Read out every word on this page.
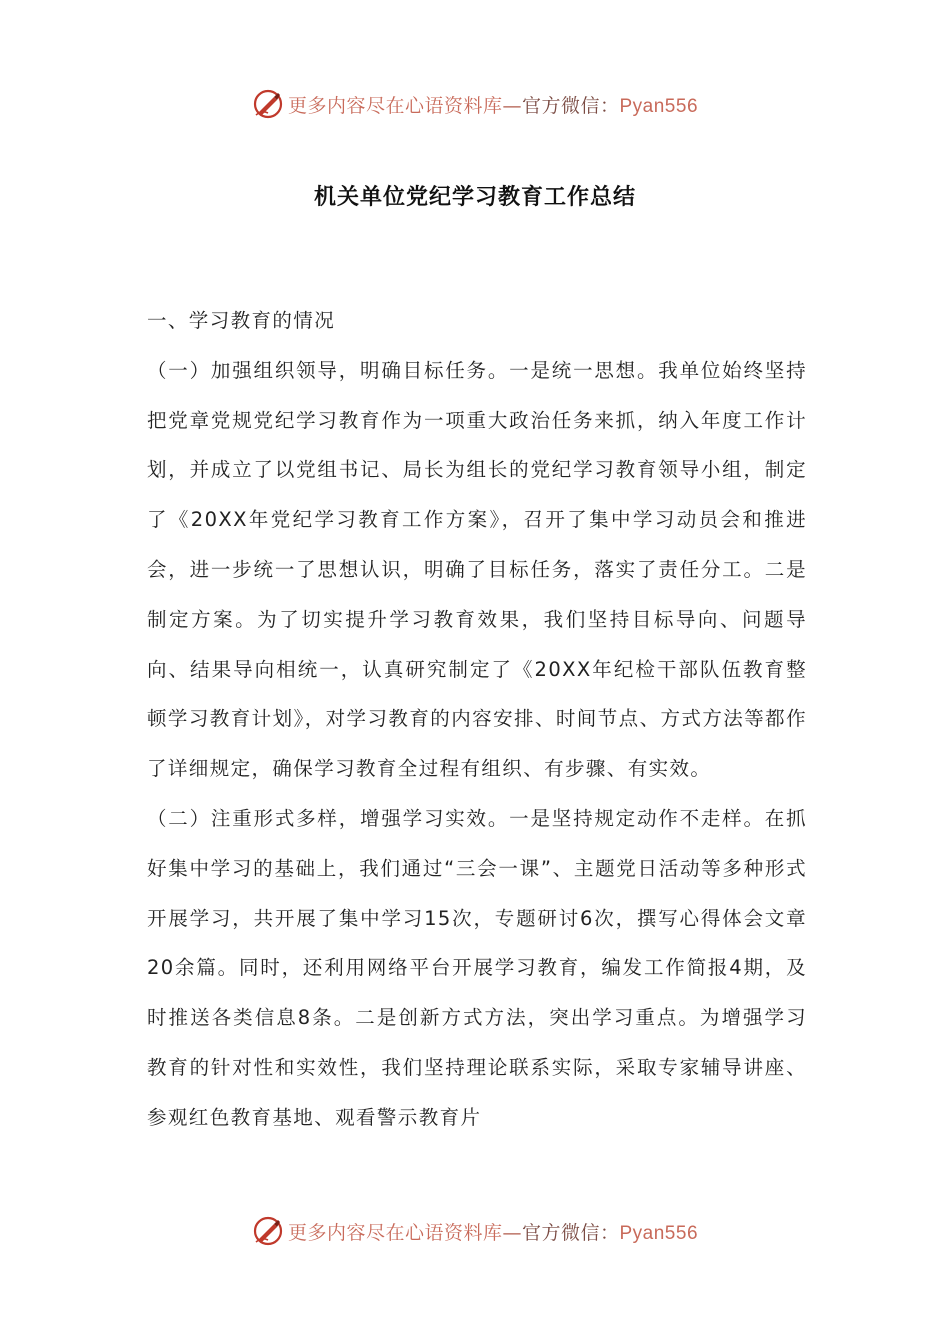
更多内容尽在心语资料库—官方微信：Pyan556
机关单位党纪学习教育工作总结

一、学习教育的情况

（一）加强组织领导，明确目标任务。一是统一思想。我单位始终坚持把党章党规党纪学习教育作为一项重大政治任务来抓，纳入年度工作计划，并成立了以党组书记、局长为组长的党纪学习教育领导小组，制定了《20XX年党纪学习教育工作方案》，召开了集中学习动员会和推进会，进一步统一了思想认识，明确了目标任务，落实了责任分工。二是制定方案。为了切实提升学习教育效果，我们坚持目标导向、问题导向、结果导向相统一，认真研究制定了《20XX年纪检干部队伍教育整顿学习教育计划》，对学习教育的内容安排、时间节点、方式方法等都作了详细规定，确保学习教育全过程有组织、有步骤、有实效。

（二）注重形式多样，增强学习实效。一是坚持规定动作不走样。在抓好集中学习的基础上，我们通过“三会一课”、主题党日活动等多种形式开展学习，共开展了集中学习15次，专题研讨6次，撰写心得体会文章20余篇。同时，还利用网络平台开展学习教育，编发工作简报4期，及时推送各类信息8条。二是创新方式方法，突出学习重点。为增强学习教育的针对性和实效性，我们坚持理论联系实际，采取专家辅导讲座、参观红色教育基地、观看警示教育片

更多内容尽在心语资料库—官方微信：Pyan556
